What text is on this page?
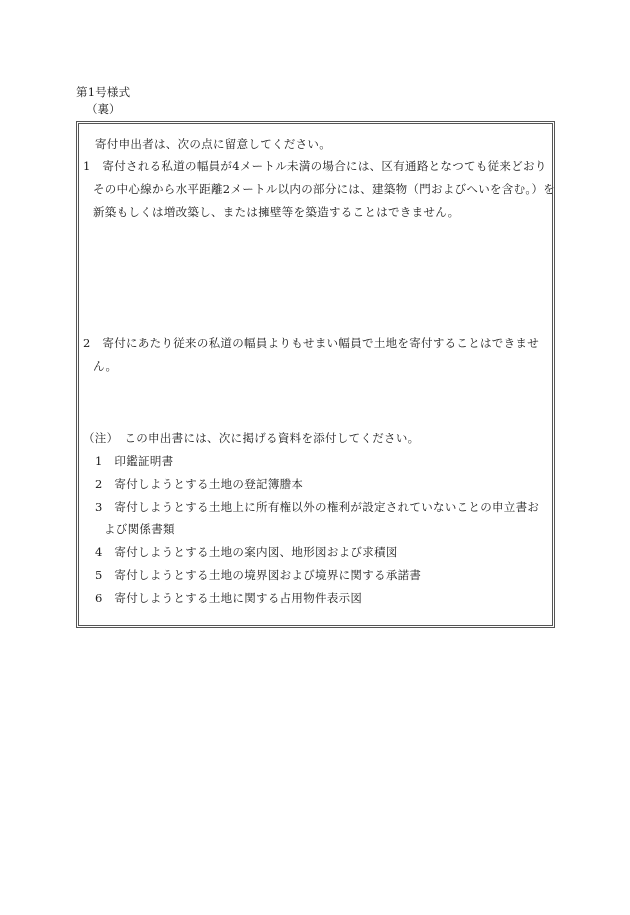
第1号様式
（裏）
寄付申出者は、次の点に留意してください。
1　寄付される私道の幅員が4メートル未満の場合には、区有通路となつても従来どおり
その中心線から水平距離2メートル以内の部分には、建築物（門およびへいを含む。）を
新築もしくは増改築し、または擁壁等を築造することはできません。
2　寄付にあたり従来の私道の幅員よりもせまい幅員で土地を寄付することはできませ
ん。
（注）　この申出書には、次に掲げる資料を添付してください。
1　印鑑証明書
2　寄付しようとする土地の登記簿謄本
3　寄付しようとする土地上に所有権以外の権利が設定されていないことの申立書お
よび関係書類
4　寄付しようとする土地の案内図、地形図および求積図
5　寄付しようとする土地の境界図および境界に関する承諾書
6　寄付しようとする土地に関する占用物件表示図
